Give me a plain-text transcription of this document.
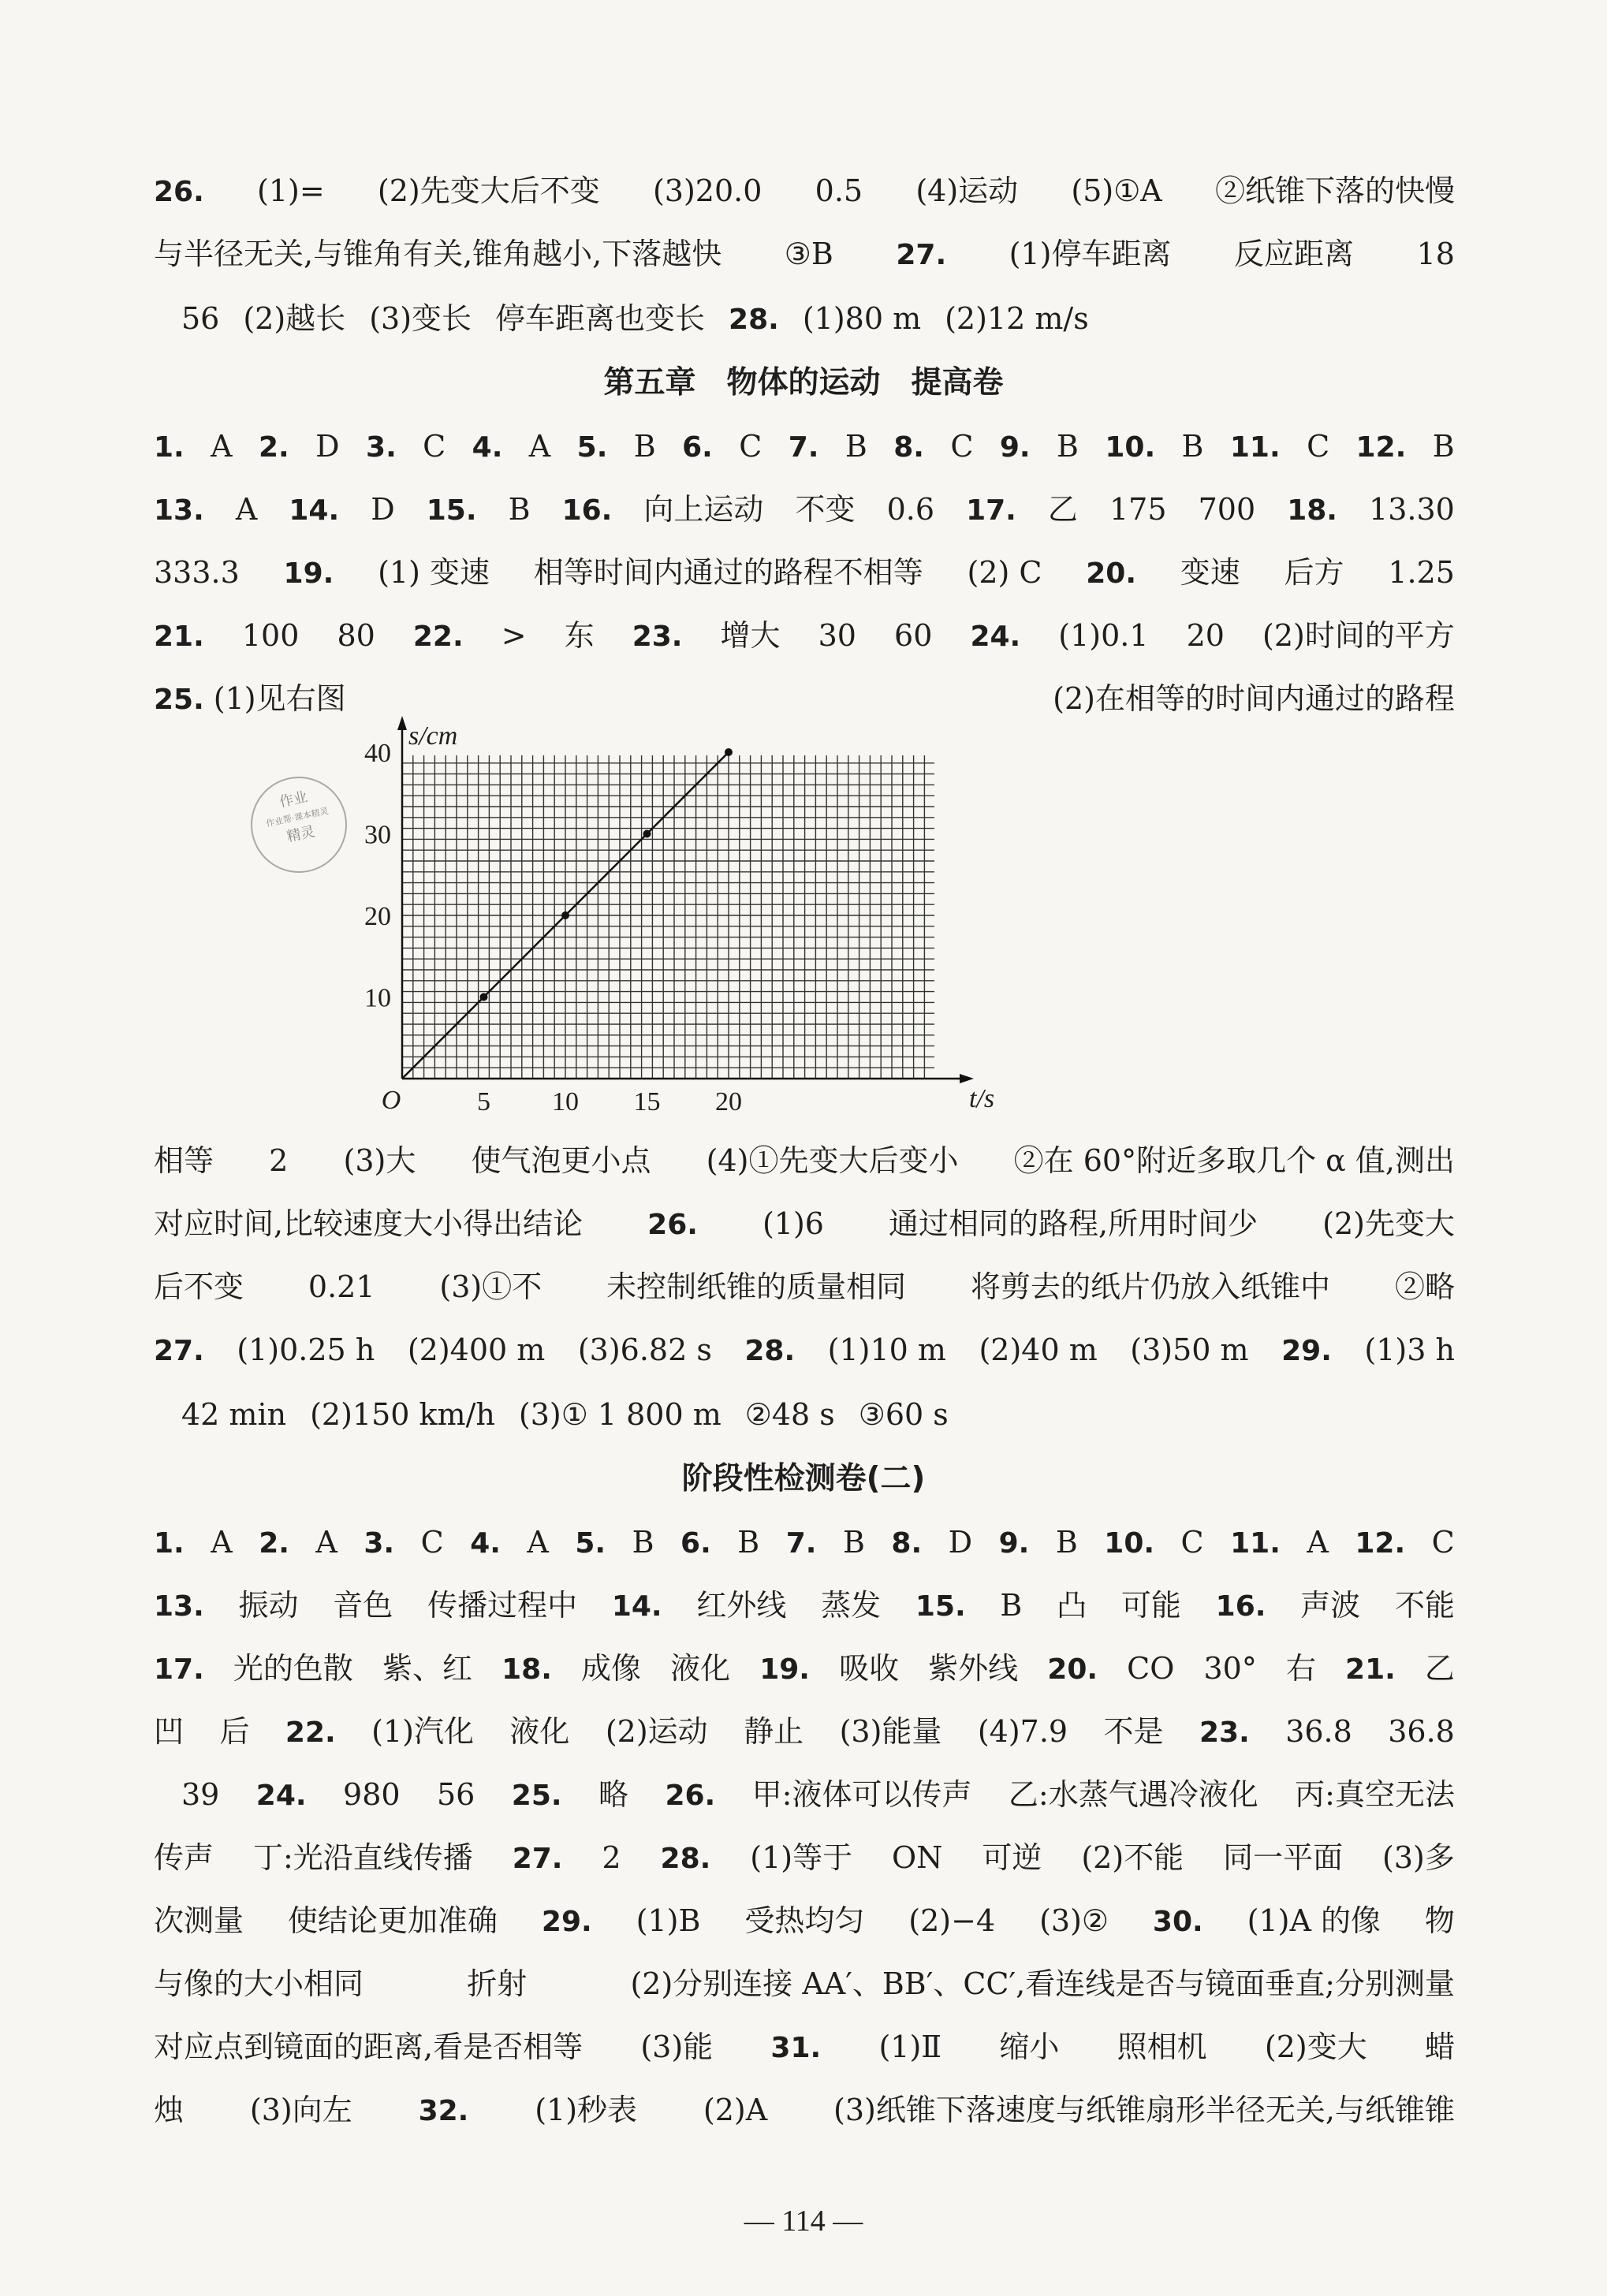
26. (1)= (2)先变大后不变 (3)20.0 0.5 (4)运动 (5)①A ②纸锥下落的快慢
与半径无关,与锥角有关,锥角越小,下落越快 ③B 27. (1)停车距离 反应距离 18
56 (2)越长 (3)变长 停车距离也变长 28. (1)80 m (2)12 m/s
第五章　物体的运动　提高卷
1. A 2. D 3. C 4. A 5. B 6. C 7. B 8. C 9. B 10. B 11. C 12. B
13. A 14. D 15. B 16. 向上运动 不变 0.6 17. 乙 175 700 18. 13.30
333.3 19. (1) 变速 相等时间内通过的路程不相等 (2) C 20. 变速 后方 1.25
21. 100 80 22. > 东 23. 增大 30 60 24. (1)0.1 20 (2)时间的平方
25. (1)见右图	(2)在相等的时间内通过的路程
作业
作业帮·课本精灵
精灵
s/cm
t/s
O	5 10 15 20
10
20
30
40
相等 2 (3)大 使气泡更小点 (4)①先变大后变小 ②在 60°附近多取几个 α 值,测出
对应时间,比较速度大小得出结论 26. (1)6 通过相同的路程,所用时间少 (2)先变大
后不变 0.21 (3)①不 未控制纸锥的质量相同 将剪去的纸片仍放入纸锥中 ②略
27. (1)0.25 h (2)400 m (3)6.82 s 28. (1)10 m (2)40 m (3)50 m 29. (1)3 h
42 min (2)150 km/h (3)① 1 800 m ②48 s ③60 s
阶段性检测卷(二)
1. A 2. A 3. C 4. A 5. B 6. B 7. B 8. D 9. B 10. C 11. A 12. C
13. 振动 音色 传播过程中 14. 红外线 蒸发 15. B 凸 可能 16. 声波 不能
17. 光的色散 紫、红 18. 成像 液化 19. 吸收 紫外线 20. CO 30° 右 21. 乙
凹 后 22. (1)汽化 液化 (2)运动 静止 (3)能量 (4)7.9 不是 23. 36.8 36.8
39 24. 980 56 25. 略 26. 甲:液体可以传声 乙:水蒸气遇冷液化 丙:真空无法
传声 丁:光沿直线传播 27. 2 28. (1)等于 ON 可逆 (2)不能 同一平面 (3)多
次测量 使结论更加准确 29. (1)B 受热均匀 (2)−4 (3)② 30. (1)A 的像 物
与像的大小相同	折射	(2)分别连接 AA′、BB′、CC′,看连线是否与镜面垂直;分别测量
对应点到镜面的距离,看是否相等 (3)能 31. (1)Ⅱ 缩小 照相机 (2)变大 蜡
烛 (3)向左 32. (1)秒表 (2)A (3)纸锥下落速度与纸锥扇形半径无关,与纸锥锥
— 114 —
